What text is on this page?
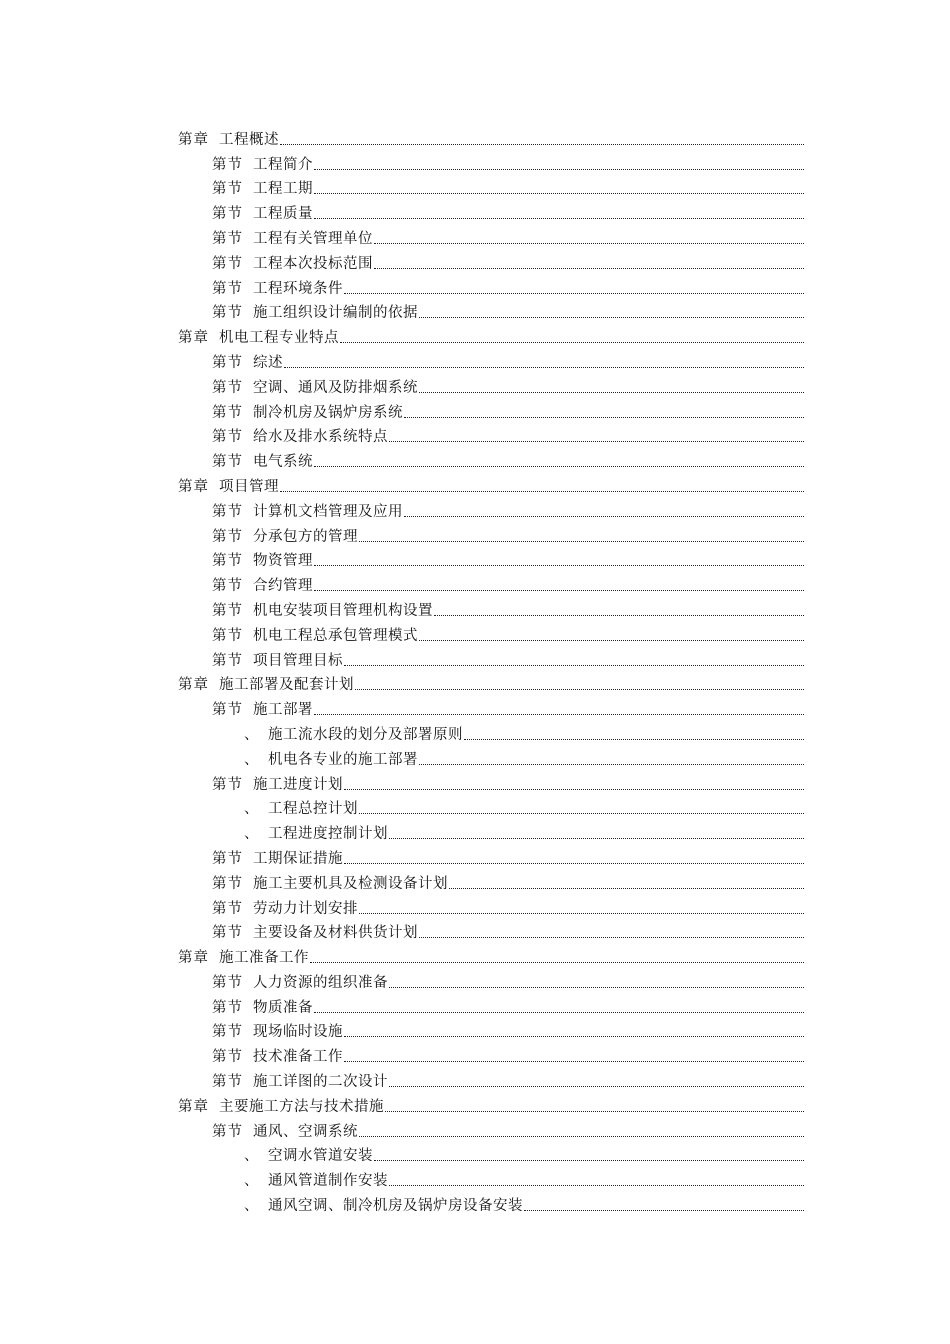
第章 工程概述
第节 工程简介
第节 工程工期
第节 工程质量
第节 工程有关管理单位
第节 工程本次投标范围
第节 工程环境条件
第节 施工组织设计编制的依据
第章 机电工程专业特点
第节 综述
第节 空调、通风及防排烟系统
第节 制冷机房及锅炉房系统
第节 给水及排水系统特点
第节 电气系统
第章 项目管理
第节 计算机文档管理及应用
第节 分承包方的管理
第节 物资管理
第节 合约管理
第节 机电安装项目管理机构设置
第节 机电工程总承包管理模式
第节 项目管理目标
第章 施工部署及配套计划
第节 施工部署
、 施工流水段的划分及部署原则
、 机电各专业的施工部署
第节 施工进度计划
、 工程总控计划
、 工程进度控制计划
第节 工期保证措施
第节 施工主要机具及检测设备计划
第节 劳动力计划安排
第节 主要设备及材料供货计划
第章 施工准备工作
第节 人力资源的组织准备
第节 物质准备
第节 现场临时设施
第节 技术准备工作
第节 施工详图的二次设计
第章 主要施工方法与技术措施
第节 通风、空调系统
、 空调水管道安装
、 通风管道制作安装
、 通风空调、制冷机房及锅炉房设备安装
